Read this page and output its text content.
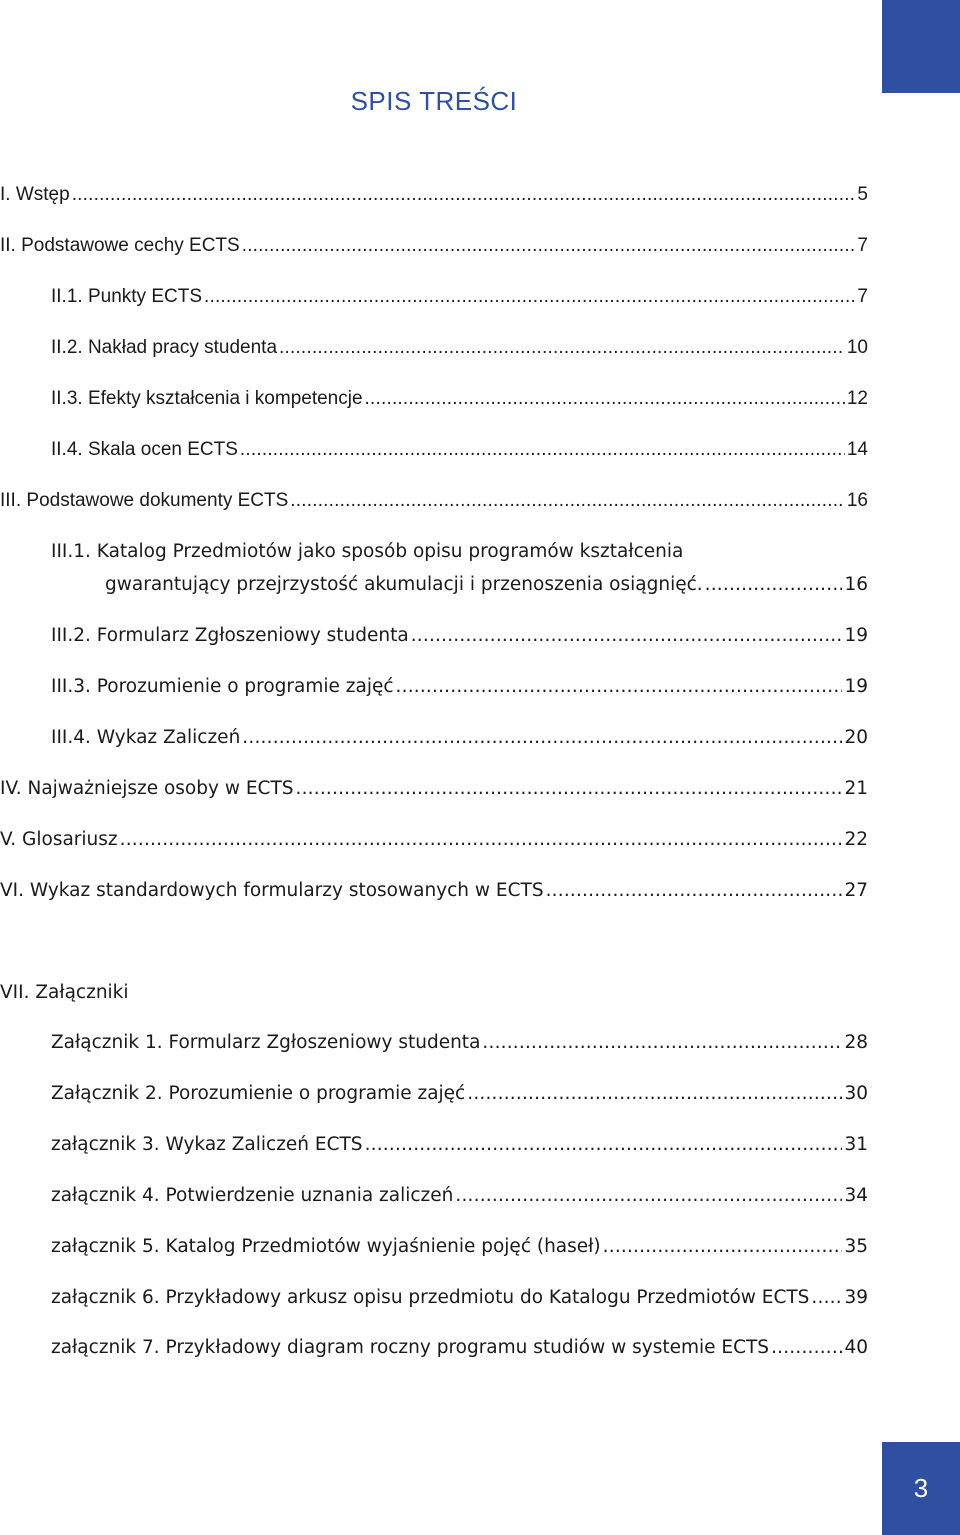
SPIS TREŚCI
I. Wstęp .....	5
II. Podstawowe cechy ECTS .....	7
II.1. Punkty ECTS .....	7
II.2. Nakład pracy studenta .....	10
II.3. Efekty kształcenia i kompetencje .....	12
II.4. Skala ocen ECTS .....	14
III. Podstawowe dokumenty ECTS .....	16
III.1. Katalog Przedmiotów jako sposób opisu programów kształcenia
gwarantujący przejrzystość akumulacji i przenoszenia osiągnięć. .....	16
III.2. Formularz Zgłoszeniowy studenta .....	19
III.3. Porozumienie o programie zajęć .....	19
III.4. Wykaz Zaliczeń .....	20
IV. Najważniejsze osoby w ECTS .....	21
V. Glosariusz .....	22
VI. Wykaz standardowych formularzy stosowanych w ECTS .....	27
VII. Załączniki
Załącznik 1. Formularz Zgłoszeniowy studenta .....	28
Załącznik 2. Porozumienie o programie zajęć .....	30
załącznik 3. Wykaz Zaliczeń ECTS .....	31
załącznik 4. Potwierdzenie uznania zaliczeń .....	34
załącznik 5. Katalog Przedmiotów wyjaśnienie pojęć (haseł) .....	35
załącznik 6. Przykładowy arkusz opisu przedmiotu do Katalogu Przedmiotów ECTS ..... 39
załącznik 7. Przykładowy diagram roczny programu studiów w systemie ECTS .....	40
3
